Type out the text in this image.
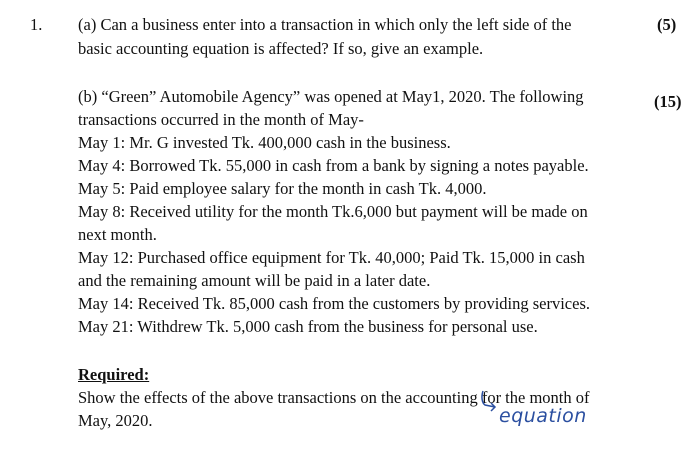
1. (a) Can a business enter into a transaction in which only the left side of the
basic accounting equation is affected? If so, give an example.
(5)
(b) “Green” Automobile Agency” was opened at May1, 2020. The following
transactions occurred in the month of May-
May 1: Mr. G invested Tk. 400,000 cash in the business.
May 4: Borrowed Tk. 55,000 in cash from a bank by signing a notes payable.
May 5: Paid employee salary for the month in cash Tk. 4,000.
May 8: Received utility for the month Tk.6,000 but payment will be made on
next month.
May 12: Purchased office equipment for Tk. 40,000; Paid Tk. 15,000 in cash
and the remaining amount will be paid in a later date.
May 14: Received Tk. 85,000 cash from the customers by providing services.
May 21: Withdrew Tk. 5,000 cash from the business for personal use.
(15)
Required:
Show the effects of the above transactions on the accounting for the month of
May, 2020.	equation
